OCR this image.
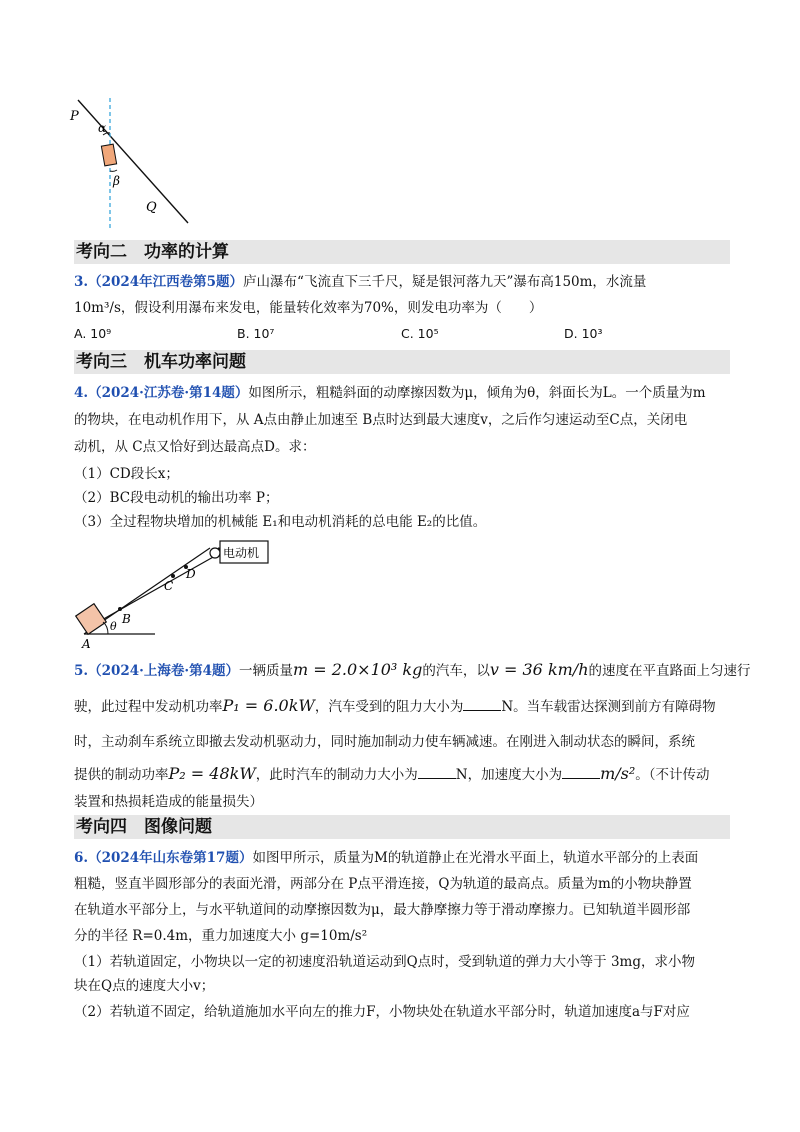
P
α
β
Q
考向二　功率的计算
3.（2024年江西卷第5题）庐山瀑布“飞流直下三千尺，疑是银河落九天”瀑布高150m，水流量
10m³/s，假设利用瀑布来发电，能量转化效率为70%，则发电功率为（　　）
A. 10⁹	B. 10⁷	C. 10⁵	D. 10³
考向三　机车功率问题
4.（2024·江苏卷·第14题）如图所示，粗糙斜面的动摩擦因数为μ，倾角为θ，斜面长为L。一个质量为m
的物块，在电动机作用下，从 A点由静止加速至 B点时达到最大速度v，之后作匀速运动至C点，关闭电
动机，从 C点又恰好到达最高点D。求：
（1）CD段长x；
（2）BC段电动机的输出功率 P；
（3）全过程物块增加的机械能 E₁和电动机消耗的总电能 E₂的比值。
电动机
A
B
C
D
θ
5.（2024·上海卷·第4题）一辆质量m = 2.0×10³ kg的汽车，以v = 36 km/h的速度在平直路面上匀速行
驶，此过程中发动机功率P₁ = 6.0kW，汽车受到的阻力大小为	N。当车载雷达探测到前方有障碍物
时，主动刹车系统立即撤去发动机驱动力，同时施加制动力使车辆减速。在刚进入制动状态的瞬间，系统
提供的制动功率P₂ = 48kW，此时汽车的制动力大小为	N，加速度大小为 m/s²。（不计传动
装置和热损耗造成的能量损失）
考向四　图像问题
6.（2024年山东卷第17题）如图甲所示，质量为M的轨道静止在光滑水平面上，轨道水平部分的上表面
粗糙，竖直半圆形部分的表面光滑，两部分在 P点平滑连接，Q为轨道的最高点。质量为m的小物块静置
在轨道水平部分上，与水平轨道间的动摩擦因数为μ，最大静摩擦力等于滑动摩擦力。已知轨道半圆形部
分的半径 R=0.4m，重力加速度大小 g=10m/s²
（1）若轨道固定，小物块以一定的初速度沿轨道运动到Q点时，受到轨道的弹力大小等于 3mg，求小物
块在Q点的速度大小v；
（2）若轨道不固定，给轨道施加水平向左的推力F，小物块处在轨道水平部分时，轨道加速度a与F对应
